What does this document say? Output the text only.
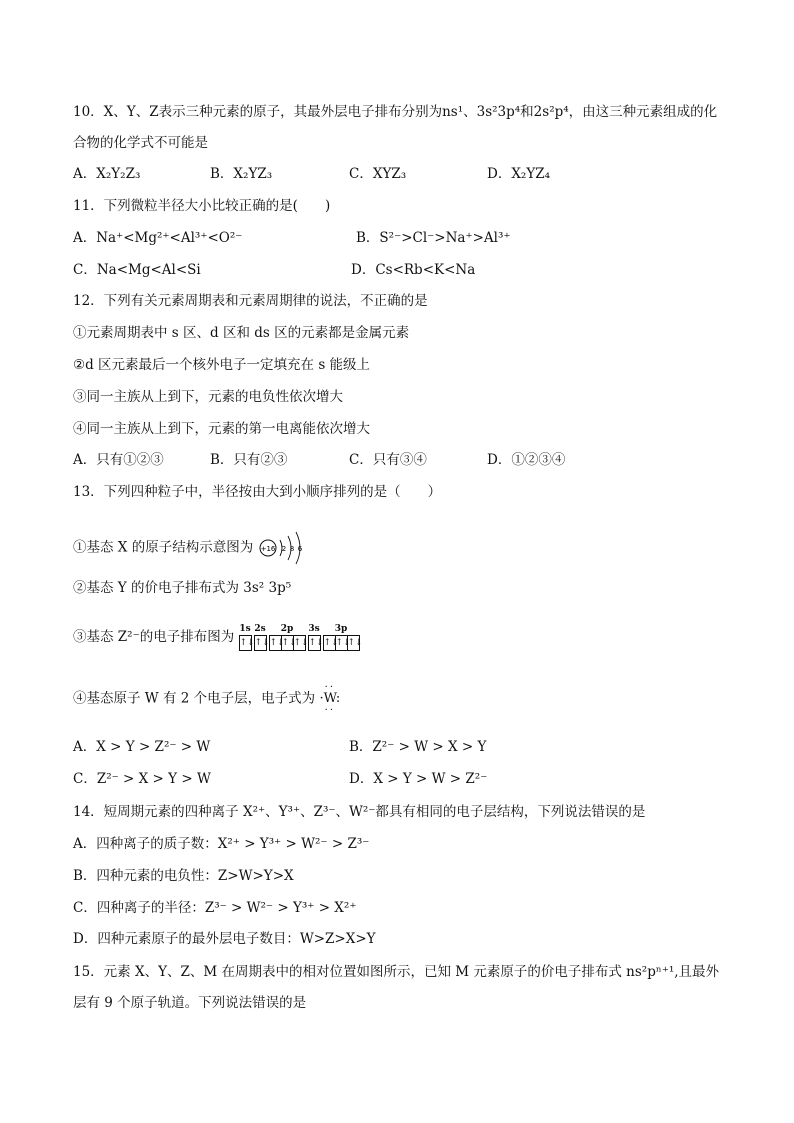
10．X、Y、Z表示三种元素的原子，其最外层电子排布分别为ns¹、3s²3p⁴和2s²p⁴，由这三种元素组成的化
合物的化学式不可能是
A．X₂Y₂Z₃	B．X₂YZ₃	C．XYZ₃	D．X₂YZ₄
11．下列微粒半径大小比较正确的是(　　)
A．Na⁺<Mg²⁺<Al³⁺<O²⁻	B．S²⁻>Cl⁻>Na⁺>Al³⁺
C．Na<Mg<Al<Si	D．Cs<Rb<K<Na
12．下列有关元素周期表和元素周期律的说法，不正确的是
①元素周期表中 s 区、d 区和 ds 区的元素都是金属元素
②d 区元素最后一个核外电子一定填充在 s 能级上
③同一主族从上到下，元素的电负性依次增大
④同一主族从上到下，元素的第一电离能依次增大
A．只有①②③	B．只有②③	C．只有③④	D．①②③④
13．下列四种粒子中，半径按由大到小顺序排列的是（　　）
①基态 X 的原子结构示意图为 +16 2 8 6
②基态 Y 的价电子排布式为 3s² 3p⁵
③基态 Z²⁻的电子排布图为 1s
↑↓
2s
↑↓
2p
↑↓
↑↓
↑↓
3s
↑↓
3p
↑↓
↑↓
↑↓
④基态原子 W 有 2 个电子层，电子式为
··
·W:
··
A．X > Y > Z²⁻ > W	B．Z²⁻ > W > X > Y
C．Z²⁻ > X > Y > W	D．X > Y > W > Z²⁻
14．短周期元素的四种离子 X²⁺、Y³⁺、Z³⁻、W²⁻都具有相同的电子层结构，下列说法错误的是
A．四种离子的质子数：X²⁺ > Y³⁺ > W²⁻ > Z³⁻
B．四种元素的电负性：Z>W>Y>X
C．四种离子的半径：Z³⁻ > W²⁻ > Y³⁺ > X²⁺
D．四种元素原子的最外层电子数目：W>Z>X>Y
15．元素 X、Y、Z、M 在周期表中的相对位置如图所示，已知 M 元素原子的价电子排布式 ns²pⁿ⁺¹,且最外
层有 9 个原子轨道。下列说法错误的是
